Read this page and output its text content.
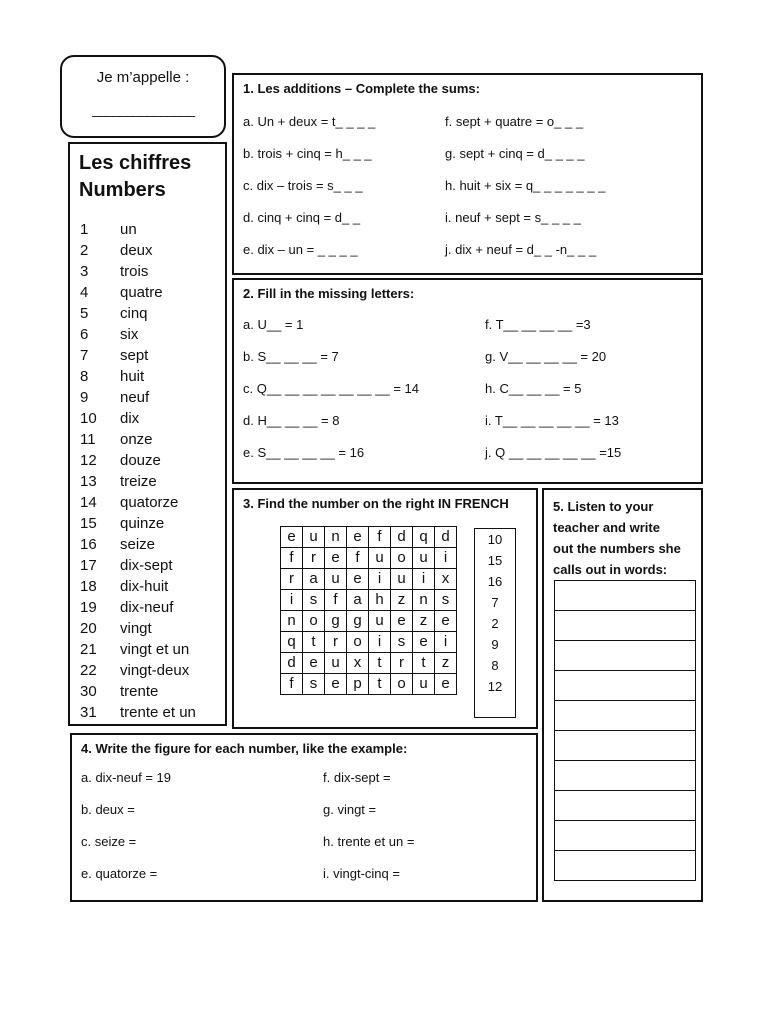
Je m’appelle :
_______________
Les chiffres
Numbers
1 un
2 deux
3 trois
4 quatre
5 cinq
6 six
7 sept
8 huit
9 neuf
10 dix
11 onze
12 douze
13 treize
14 quatorze
15 quinze
16 seize
17 dix-sept
18 dix-huit
19 dix-neuf
20 vingt
21 vingt et un
22 vingt-deux
30 trente
31 trente et un
1. Les additions – Complete the sums:
a. Un + deux = t_ _ _ _	f. sept + quatre = o_ _ _
b. trois + cinq = h_ _ _	g. sept + cinq = d_ _ _ _
c. dix – trois = s_ _ _	h. huit + six = q_ _ _ _ _ _ _
d. cinq + cinq = d_ _	i. neuf + sept = s_ _ _ _
e. dix – un = _ _ _ _	j. dix + neuf = d_ _ -n_ _ _
2. Fill in the missing letters:
a. U__ = 1	f. T__ __ __ __ =3
b. S__ __ __ = 7	g. V__ __ __ __ = 20
c. Q__ __ __ __ __ __ __ = 14	h. C__ __ __ = 5
d. H__ __ __ = 8	i. T__ __ __ __ __ = 13
e. S__ __ __ __ = 16	j. Q __ __ __ __ __ =15
3. Find the number on the right IN FRENCH
e	u	n	e	f	d	q	d
f	r	e	f	u	o	u	i
r	a	u	e	i	u	i	x
i	s	f	a	h	z	n	s
n	o	g	g	u	e	z	e
q	t	r	o	i	s	e	i
d	e	u	x	t	r	t	z
f	s	e	p	t	o	u	e
10
15
16
7
2
9
8
12
5. Listen to your
teacher and write
out the numbers she
calls out in words:
4. Write the figure for each number, like the example:
a. dix-neuf = 19	f. dix-sept =
b. deux =	g. vingt =
c. seize =	h. trente et un =
e. quatorze =	i. vingt-cinq =
